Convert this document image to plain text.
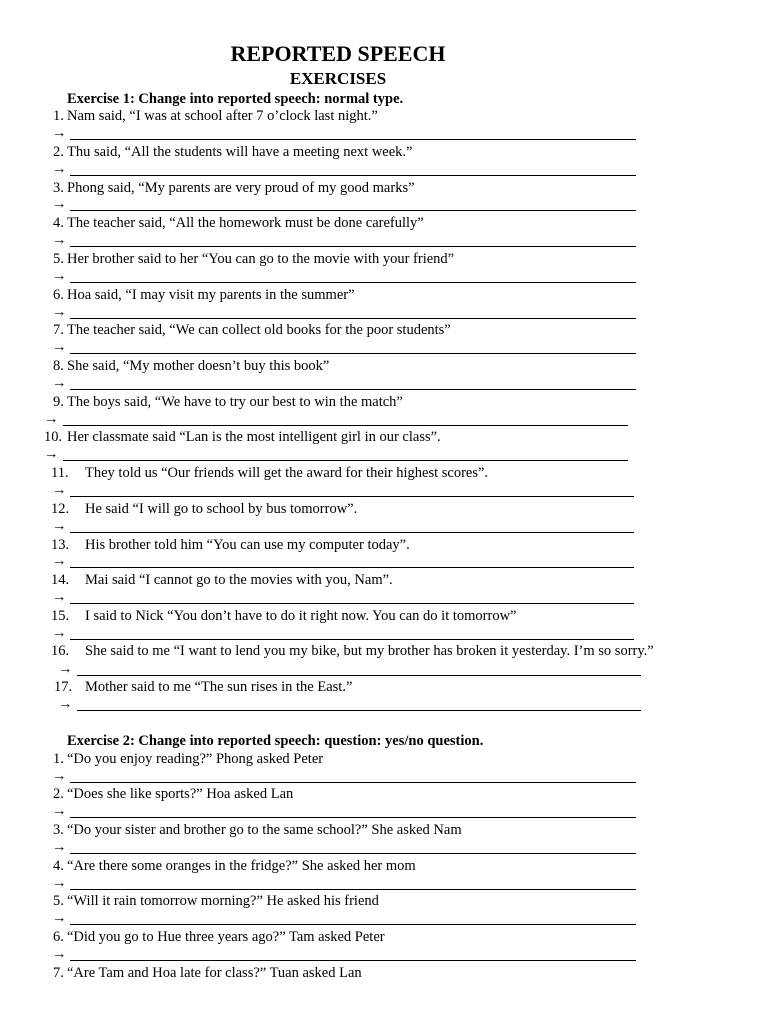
REPORTED SPEECH
EXERCISES
Exercise 1: Change into reported speech: normal type.
1. Nam said, “I was at school after 7 o’clock last night.”
→
2. Thu said, “All the students will have a meeting next week.”
→
3. Phong said, “My parents are very proud of my good marks”
→
4. The teacher said, “All the homework must be done carefully”
→
5. Her brother said to her “You can go to the movie with your friend”
→
6. Hoa said, “I may visit my parents in the summer”
→
7. The teacher said, “We can collect old books for the poor students”
→
8. She said, “My mother doesn’t buy this book”
→
9. The boys said, “We have to try our best to win the match”
→
10. Her classmate said “Lan is the most intelligent girl in our class”.
→
11. They told us “Our friends will get the award for their highest scores”.
→
12. He said “I will go to school by bus tomorrow”.
→
13. His brother told him “You can use my computer today”.
→
14. Mai said “I cannot go to the movies with you, Nam”.
→
15. I said to Nick “You don’t have to do it right now. You can do it tomorrow”
→
16. She said to me “I want to lend you my bike, but my brother has broken it yesterday. I’m so sorry.”
→
17. Mother said to me “The sun rises in the East.”
→
Exercise 2: Change into reported speech: question: yes/no question.
1. “Do you enjoy reading?” Phong asked Peter
→
2. “Does she like sports?” Hoa asked Lan
→
3. “Do your sister and brother go to the same school?” She asked Nam
→
4. “Are there some oranges in the fridge?” She asked her mom
→
5. “Will it rain tomorrow morning?” He asked his friend
→
6. “Did you go to Hue three years ago?” Tam asked Peter
→
7. “Are Tam and Hoa late for class?” Tuan asked Lan
